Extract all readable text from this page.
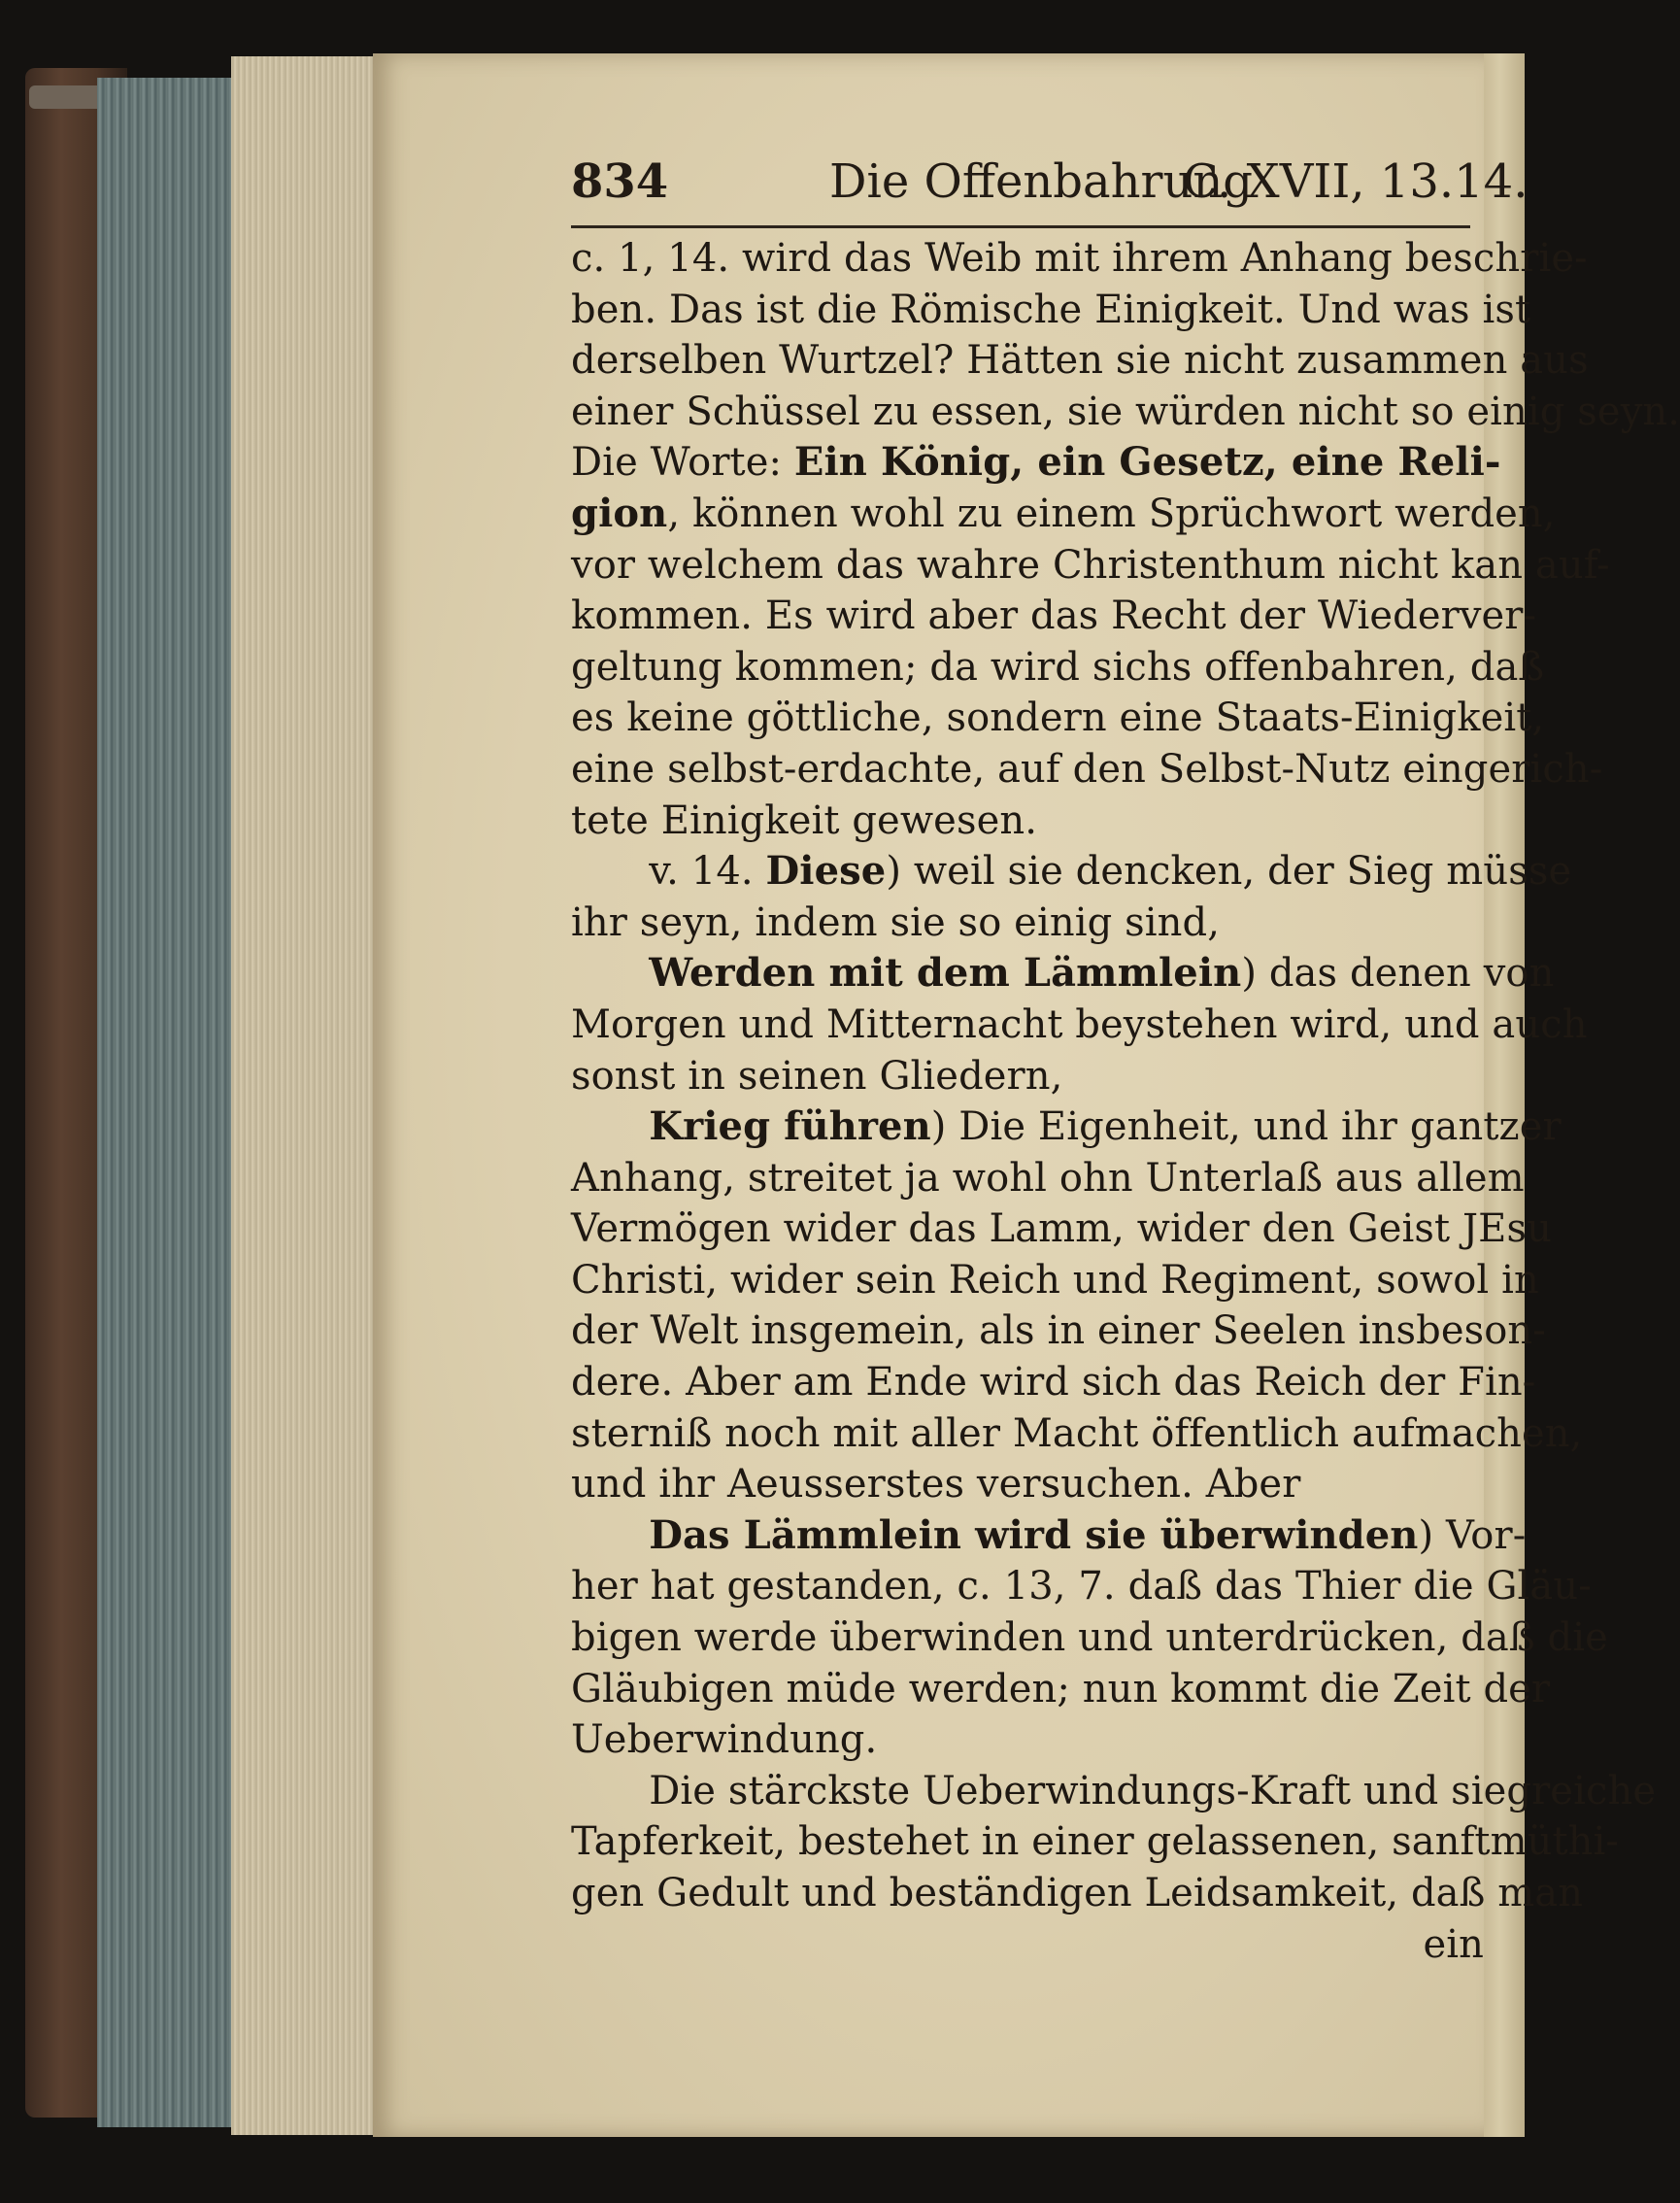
834	Die Offenbahrung
C. XVII, 13.14.
c. 1, 14. wird das Weib mit ihrem Anhang beschrie-
ben. Das ist die Römische Einigkeit. Und was ist
derselben Wurtzel? Hätten sie nicht zusammen aus
einer Schüssel zu essen, sie würden nicht so einig seyn.
Die Worte: Ein König, ein Gesetz, eine Reli-
gion, können wohl zu einem Sprüchwort werden,
vor welchem das wahre Christenthum nicht kan auf-
kommen. Es wird aber das Recht der Wiederver-
geltung kommen; da wird sichs offenbahren, daß
es keine göttliche, sondern eine Staats-Einigkeit,
eine selbst-erdachte, auf den Selbst-Nutz eingerich-
tete Einigkeit gewesen.
  v. 14. Diese) weil sie dencken, der Sieg müsse
ihr seyn, indem sie so einig sind,
  Werden mit dem Lämmlein) das denen von
Morgen und Mitternacht beystehen wird, und auch
sonst in seinen Gliedern,
  Krieg führen) Die Eigenheit, und ihr gantzer
Anhang, streitet ja wohl ohn Unterlaß aus allem
Vermögen wider das Lamm, wider den Geist JEsu
Christi, wider sein Reich und Regiment, sowol in
der Welt insgemein, als in einer Seelen insbeson-
dere. Aber am Ende wird sich das Reich der Fin-
sterniß noch mit aller Macht öffentlich aufmachen,
und ihr Aeusserstes versuchen. Aber
  Das Lämmlein wird sie überwinden) Vor-
her hat gestanden, c. 13, 7. daß das Thier die Gläu-
bigen werde überwinden und unterdrücken, daß die
Gläubigen müde werden; nun kommt die Zeit der
Ueberwindung.
  Die stärckste Ueberwindungs-Kraft und siegreiche
Tapferkeit, bestehet in einer gelassenen, sanftmüthi-
gen Gedult und beständigen Leidsamkeit, daß man
ein
